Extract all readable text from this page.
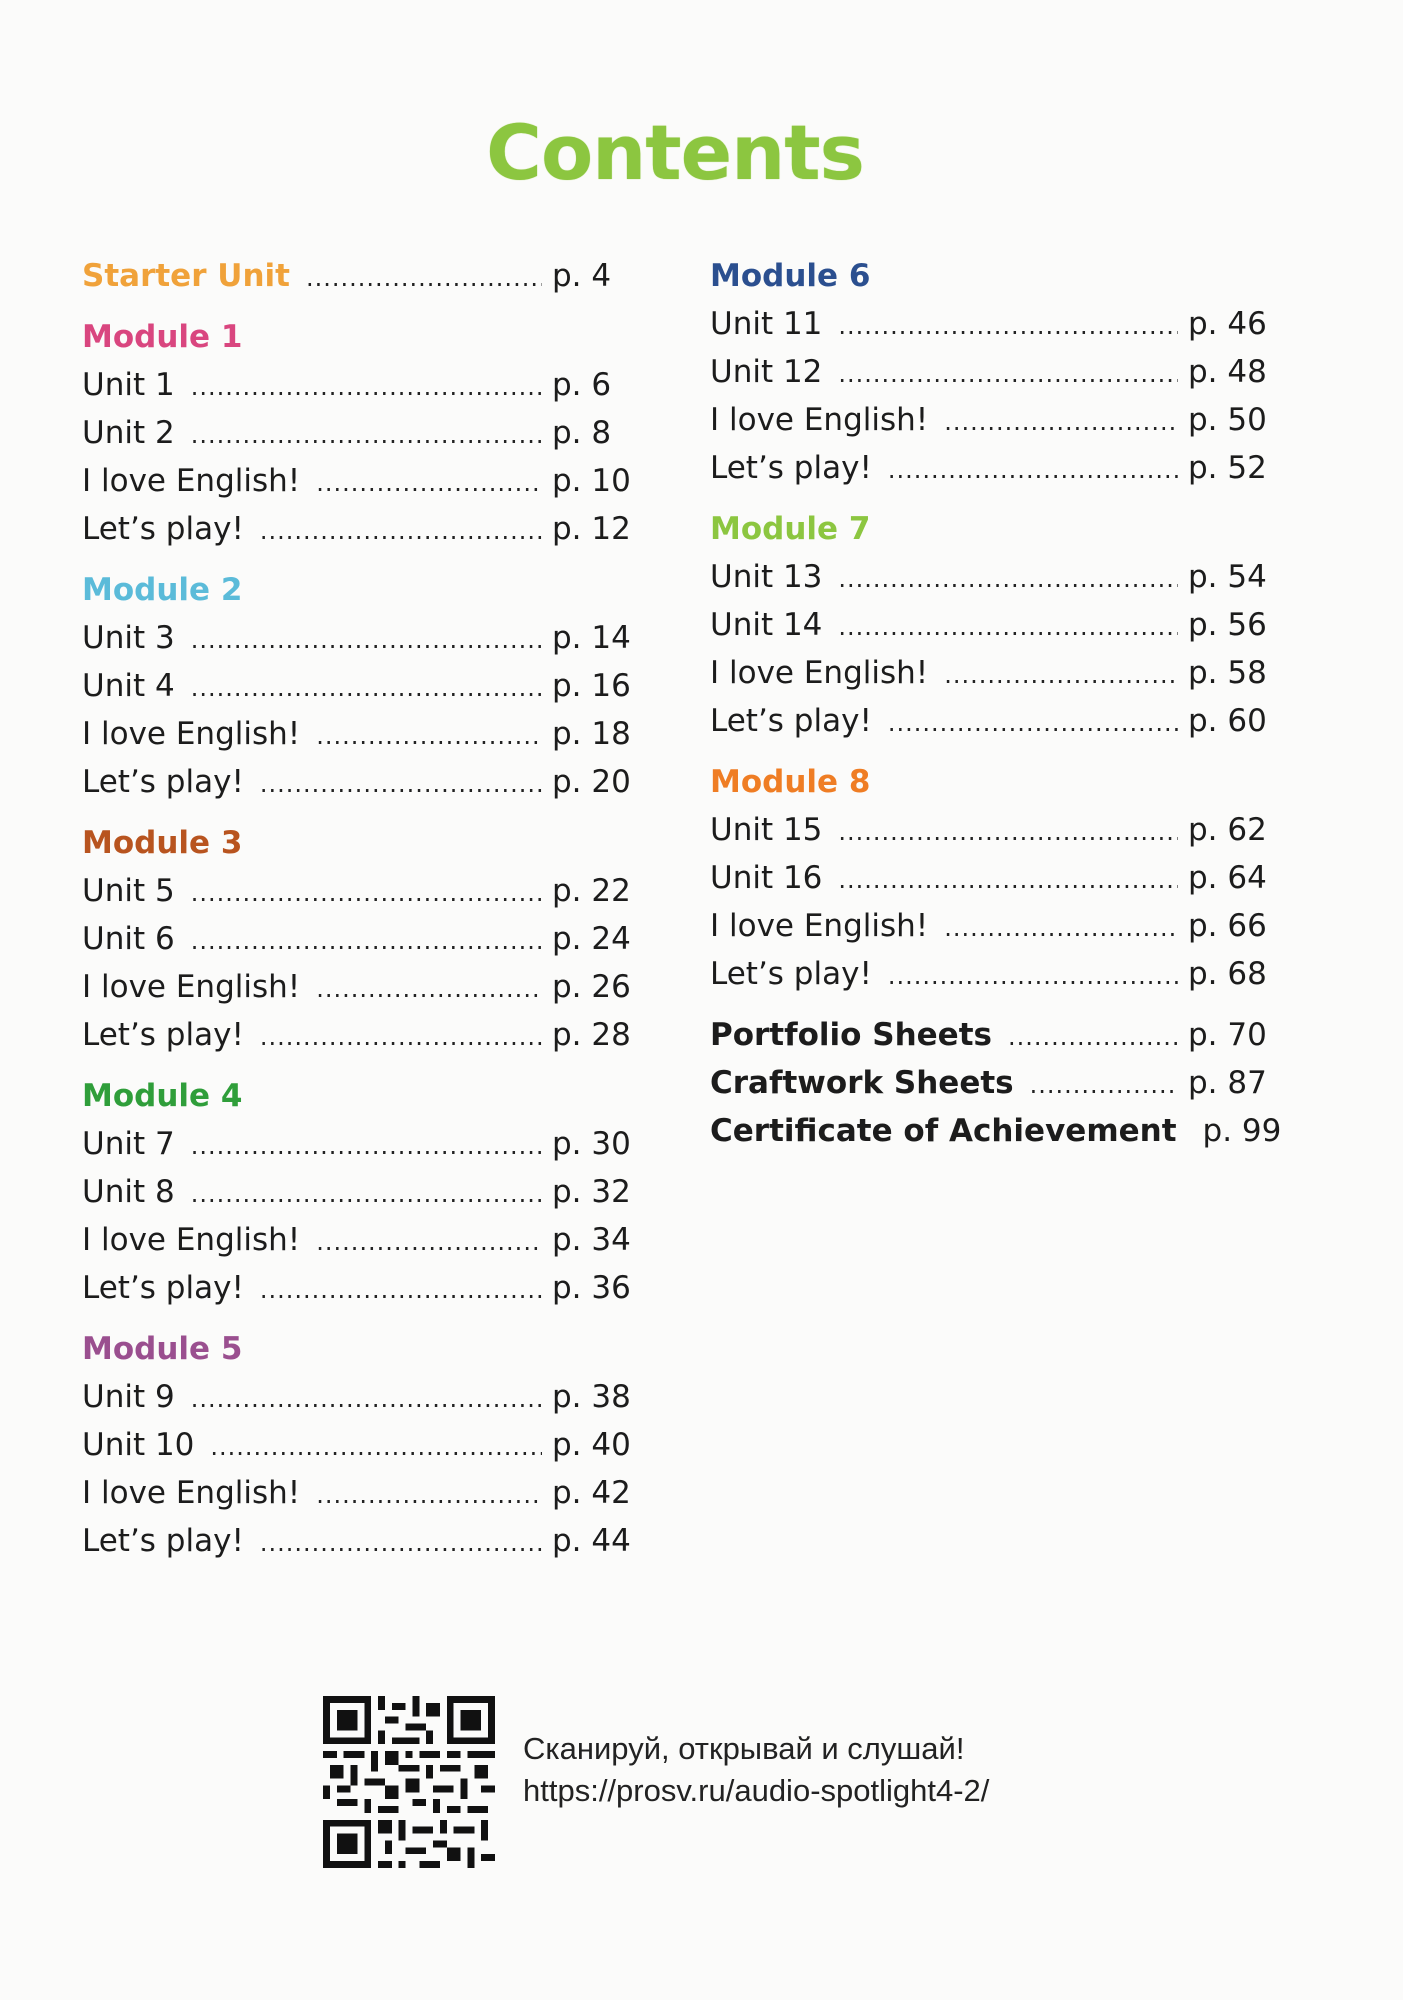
Contents
Starter Unit .....	p. 4
Module 1
Unit 1 .....	p. 6
Unit 2 .....	p. 8
I love English! .....	p. 10
Let’s play! .....	p. 12
Module 2
Unit 3 .....	p. 14
Unit 4 .....	p. 16
I love English! .....	p. 18
Let’s play! .....	p. 20
Module 3
Unit 5 .....	p. 22
Unit 6 .....	p. 24
I love English! .....	p. 26
Let’s play! .....	p. 28
Module 4
Unit 7 .....	p. 30
Unit 8 .....	p. 32
I love English! .....	p. 34
Let’s play! .....	p. 36
Module 5
Unit 9 .....	p. 38
Unit 10 .....	p. 40
I love English! .....	p. 42
Let’s play! .....	p. 44
Module 6
Unit 11 .....	p. 46
Unit 12 .....	p. 48
I love English! .....	p. 50
Let’s play! .....	p. 52
Module 7
Unit 13 .....	p. 54
Unit 14 .....	p. 56
I love English! .....	p. 58
Let’s play! .....	p. 60
Module 8
Unit 15 .....	p. 62
Unit 16 .....	p. 64
I love English! .....	p. 66
Let’s play! .....	p. 68
Portfolio Sheets .....	p. 70
Craftwork Sheets .....	p. 87
Certificate of Achievement p. 99
Сканируй, открывай и слушай!
https://prosv.ru/audio-spotlight4-2/
